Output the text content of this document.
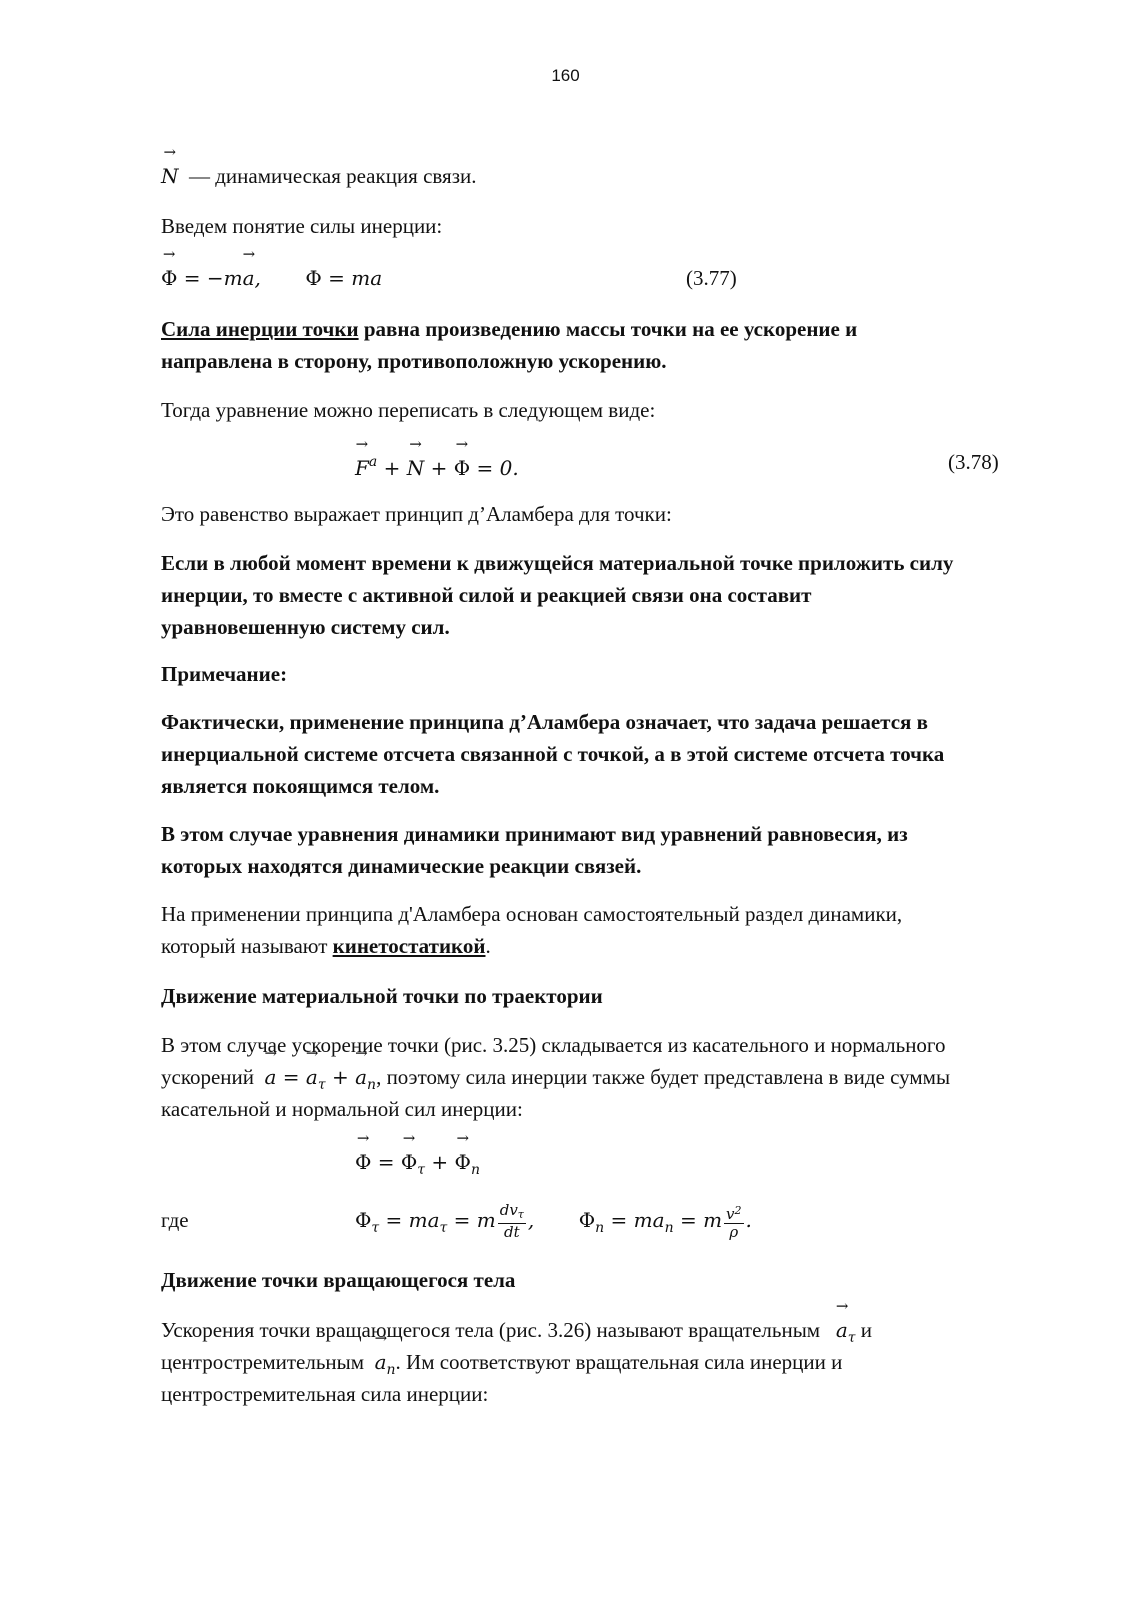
160
→ N — динамическая реакция связи.
Введем понятие силы инерции:
→ Φ = −m→ a,       Φ = ma	(3.77)
Сила инерции точки равна произведению массы точки на ее ускорение и
направлена в сторону, противоположную ускорению.
Тогда уравнение можно переписать в следующем виде:
→ $F^a$ + → N + → Φ = 0.	(3.78)
Это равенство выражает принцип д’Аламбера для точки:
Если в любой момент времени к движущейся материальной точке приложить силу
инерции, то вместе с активной силой и реакцией связи она составит
уравновешенную систему сил.
Примечание:
Фактически, применение принципа д’Аламбера означает, что задача решается в
инерциальной системе отсчета связанной с точкой, а в этой системе отсчета точка
является покоящимся телом.
В этом случае уравнения динамики принимают вид уравнений равновесия, из
которых находятся динамические реакции связей.
На применении принципа д'Аламбера основан самостоятельный раздел динамики,
который называют кинетостатикой.
Движение материальной точки по траектории
В этом случае ускорение точки (рис. 3.25) складывается из касательного и нормального
ускорений  → a = → $a_\tau$ + → $a_n$, поэтому сила инерции также будет представлена в виде суммы
касательной и нормальной сил инерции:
→ Φ = → $\Phi_\tau$ + → $\Phi_n$
где	$\Phi_\tau = ma_\tau = m \frac{dv_\tau}{dt}$ ,       $\Phi_n = ma_n = m \frac{v^2}{\rho}$ .
Движение точки вращающегося тела
Ускорения точки вращающегося тела (рис. 3.26) называют вращательным   → $a_\tau$ и
центростремительным  → $a_n$. Им соответствуют вращательная сила инерции и
центростремительная сила инерции:
